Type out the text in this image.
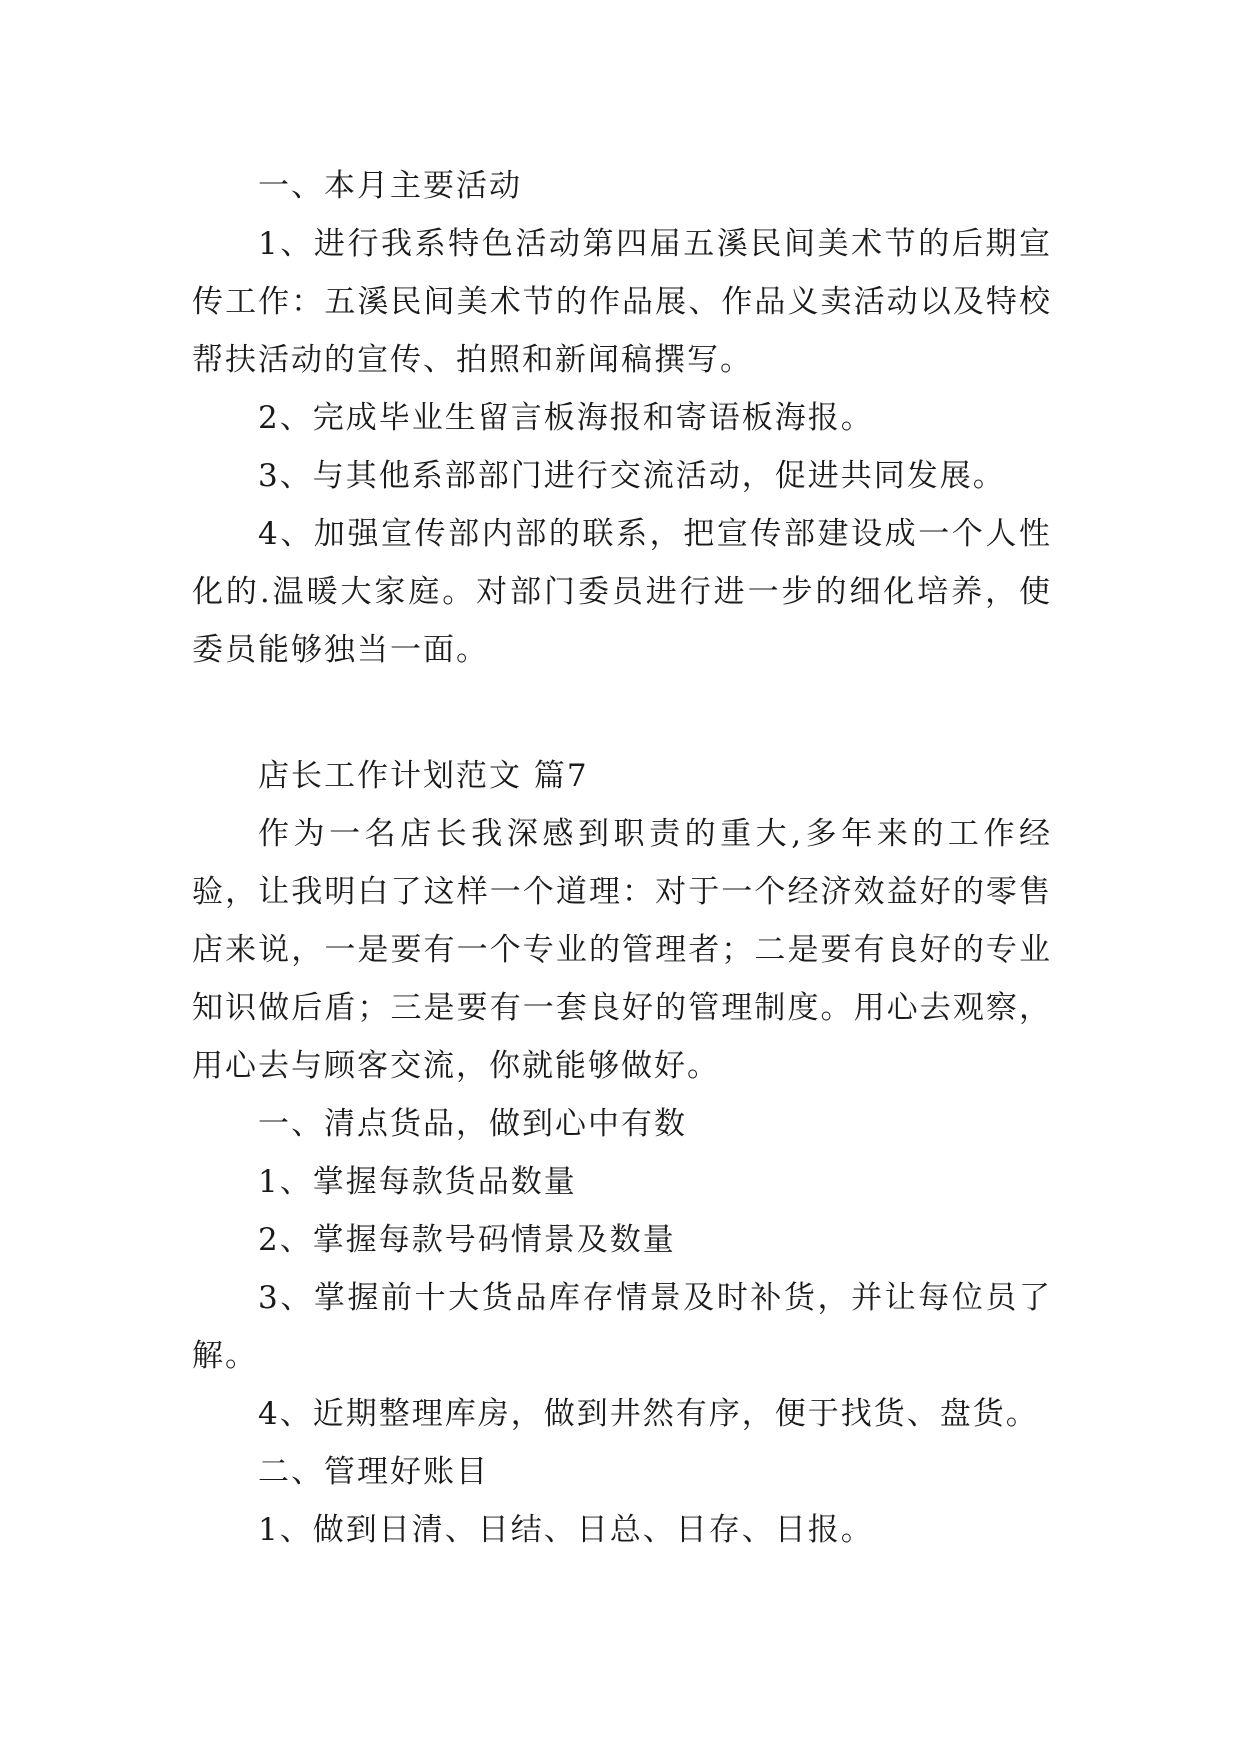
一、本月主要活动

1、进行我系特色活动第四届五溪民间美术节的后期宣传工作：五溪民间美术节的作品展、作品义卖活动以及特校帮扶活动的宣传、拍照和新闻稿撰写。

2、完成毕业生留言板海报和寄语板海报。

3、与其他系部部门进行交流活动，促进共同发展。

4、加强宣传部内部的联系，把宣传部建设成一个人性化的.温暖大家庭。对部门委员进行进一步的细化培养，使委员能够独当一面。

店长工作计划范文 篇7

作为一名店长我深感到职责的重大,多年来的工作经验，让我明白了这样一个道理：对于一个经济效益好的零售店来说，一是要有一个专业的管理者；二是要有良好的专业知识做后盾；三是要有一套良好的管理制度。用心去观察，用心去与顾客交流，你就能够做好。

一、清点货品，做到心中有数

1、掌握每款货品数量

2、掌握每款号码情景及数量

3、掌握前十大货品库存情景及时补货，并让每位员了解。

4、近期整理库房，做到井然有序，便于找货、盘货。

二、管理好账目

1、做到日清、日结、日总、日存、日报。
